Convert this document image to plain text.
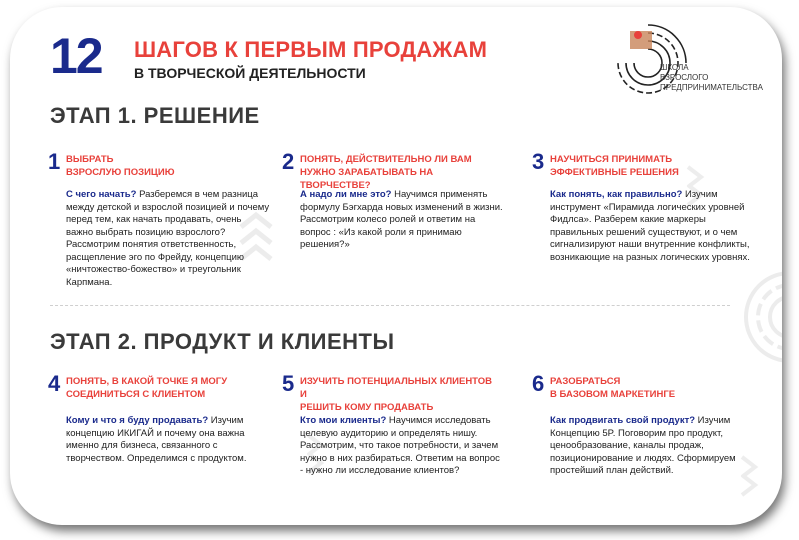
12 ШАГОВ К ПЕРВЫМ ПРОДАЖАМ
В ТВОРЧЕСКОЙ ДЕЯТЕЛЬНОСТИ	ШКОЛА
ВЗРОСЛОГО
ПРЕДПРИНИМАТЕЛЬСТВА
ЭТАП 1. РЕШЕНИЕ
1 ВЫБРАТЬ
ВЗРОСЛУЮ ПОЗИЦИЮ
С чего начать? Разберемся в чем разница между детской и взрослой позицией и почему перед тем, как начать продавать, очень важно выбрать позицию взрослого? Рассмотрим понятия ответственность, расщепление эго по Фрейду, концепцию «ничтожество-божество» и треугольник Карпмана.
2 ПОНЯТЬ, ДЕЙСТВИТЕЛЬНО ЛИ ВАМ
НУЖНО ЗАРАБАТЫВАТЬ НА ТВОРЧЕСТВЕ?
А надо ли мне это? Научимся применять формулу Бэгхарда новых изменений в жизни. Рассмотрим колесо ролей и ответим на вопрос : «Из какой роли я принимаю решения?»
3 НАУЧИТЬСЯ ПРИНИМАТЬ
ЭФФЕКТИВНЫЕ РЕШЕНИЯ
Как понять, как правильно? Изучим инструмент «Пирамида логических уровней Фидлса». Разберем какие маркеры правильных решений существуют, и о чем сигнализируют наши внутренние конфликты, возникающие на разных логических уровнях.
ЭТАП 2. ПРОДУКТ И КЛИЕНТЫ
4 ПОНЯТЬ, В КАКОЙ ТОЧКЕ Я МОГУ
СОЕДИНИТЬСЯ С КЛИЕНТОМ
Кому и что я буду продавать? Изучим концепцию ИКИГАЙ и почему она важна именно для бизнеса, связанного с творчеством. Определимся с продуктом.
5 ИЗУЧИТЬ ПОТЕНЦИАЛЬНЫХ КЛИЕНТОВ И
РЕШИТЬ КОМУ ПРОДАВАТЬ
Кто мои клиенты? Научимся исследовать целевую аудиторию и определять нишу. Рассмотрим, что такое потребности, и зачем нужно в них разбираться. Ответим на вопрос - нужно ли исследование клиентов?
6 РАЗОБРАТЬСЯ
В БАЗОВОМ МАРКЕТИНГЕ
Как продвигать свой продукт? Изучим Концепцию 5P. Поговорим про продукт, ценообразование, каналы продаж, позиционирование и людях. Сформируем простейший план действий.
